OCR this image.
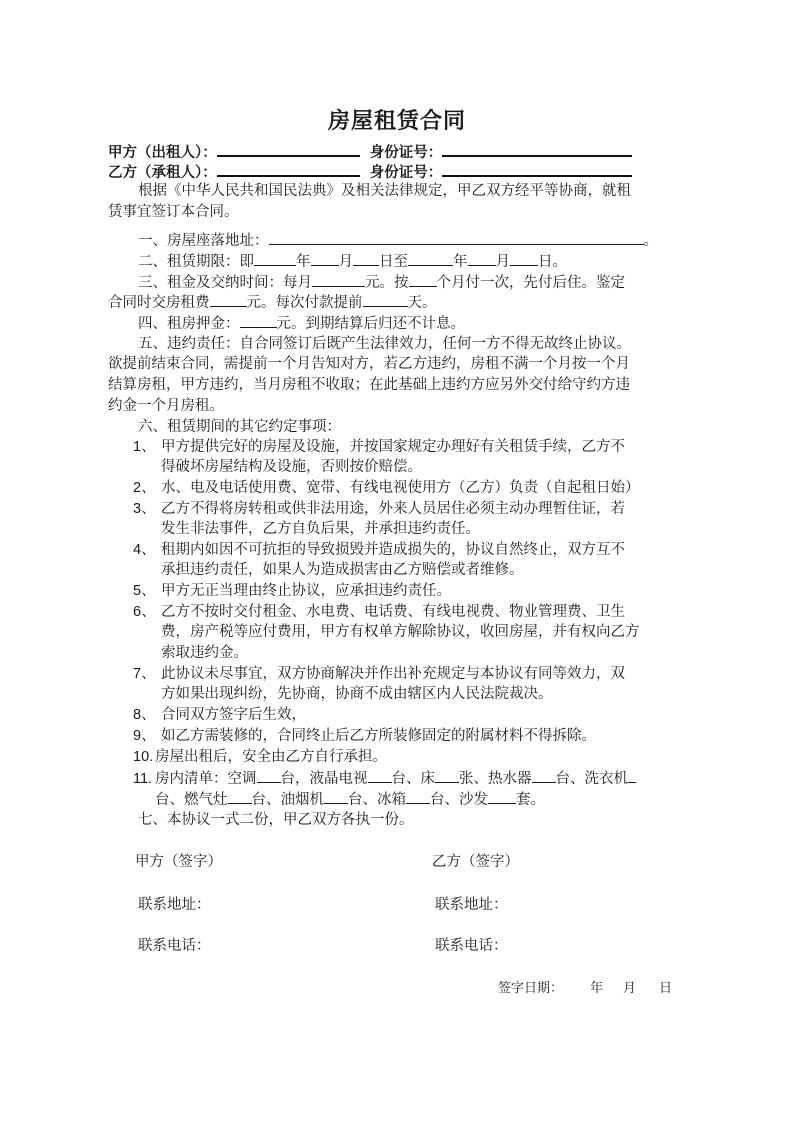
房屋租赁合同
甲方（出租人）：	身份证号：
乙方（承租人）：	身份证号：
根据《中华人民共和国民法典》及相关法律规定，甲乙双方经平等协商，就租
赁事宜签订本合同。
一、房屋座落地址：	。
二、租赁期限：即	年 月 日至	年 月 日。
三、租金及交纳时间：每月	元。按 个月付一次，先付后住。鉴定
合同时交房租费	元。每次付款提前	天。
四、租房押金：	元。到期结算后归还不计息。
五、违约责任：自合同签订后既产生法律效力，任何一方不得无故终止协议。
欲提前结束合同，需提前一个月告知对方，若乙方违约，房租不满一个月按一个月
结算房租，甲方违约，当月房租不收取；在此基础上违约方应另外交付给守约方违
约金一个月房租。
六、租赁期间的其它约定事项：
1、 甲方提供完好的房屋及设施，并按国家规定办理好有关租赁手续，乙方不
得破坏房屋结构及设施，否则按价赔偿。
2、 水、电及电话使用费、宽带、有线电视使用方（乙方）负责（自起租日始）
3、 乙方不得将房转租或供非法用途，外来人员居住必须主动办理暂住证，若
发生非法事件，乙方自负后果，并承担违约责任。
4、 租期内如因不可抗拒的导致损毁并造成损失的，协议自然终止，双方互不
承担违约责任，如果人为造成损害由乙方赔偿或者维修。
5、 甲方无正当理由终止协议，应承担违约责任。
6、 乙方不按时交付租金、水电费、电话费、有线电视费、物业管理费、卫生
费，房产税等应付费用，甲方有权单方解除协议，收回房屋，并有权向乙方
索取违约金。
7、 此协议未尽事宜，双方协商解决并作出补充规定与本协议有同等效力，双
方如果出现纠纷，先协商，协商不成由辖区内人民法院裁决。
8、 合同双方签字后生效，
9、 如乙方需装修的，合同终止后乙方所装修固定的附属材料不得拆除。
10. 房屋出租后，安全由乙方自行承担。
11. 房内清单：空调 台，液晶电视 台、床 张、热水器 台、洗衣机
台、燃气灶 台、油烟机 台、冰箱 台、沙发 套。
七、本协议一式二份，甲乙双方各执一份。
甲方（签字）	乙方（签字）
联系地址：	联系地址：
联系电话：	联系电话：
签字日期： 年 月 日
